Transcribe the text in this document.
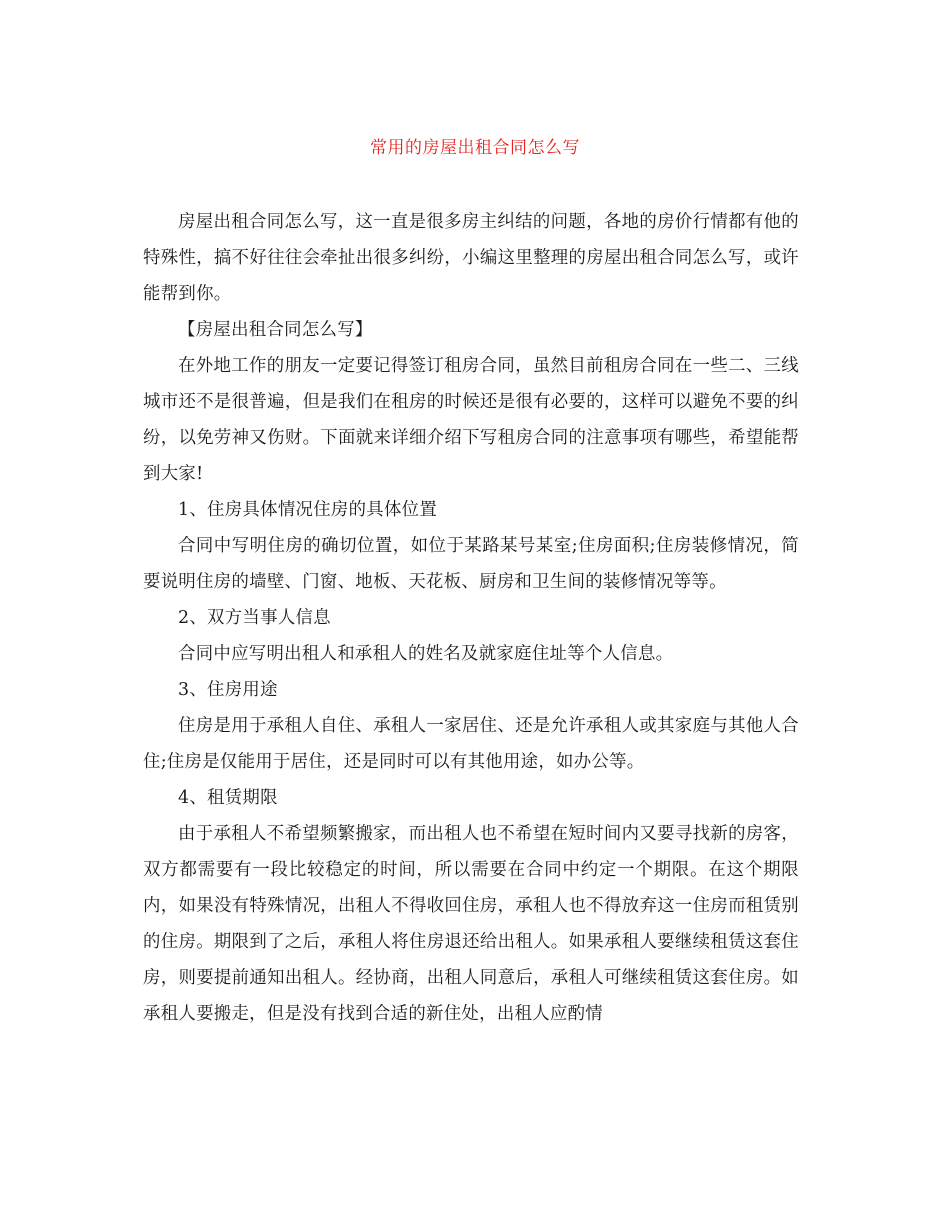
常用的房屋出租合同怎么写

房屋出租合同怎么写，这一直是很多房主纠结的问题，各地的房价行情都有他的特殊性，搞不好往往会牵扯出很多纠纷，小编这里整理的房屋出租合同怎么写，或许能帮到你。

【房屋出租合同怎么写】

在外地工作的朋友一定要记得签订租房合同，虽然目前租房合同在一些二、三线城市还不是很普遍，但是我们在租房的时候还是很有必要的，这样可以避免不要的纠纷，以免劳神又伤财。下面就来详细介绍下写租房合同的注意事项有哪些，希望能帮到大家!

1、住房具体情况住房的具体位置

合同中写明住房的确切位置，如位于某路某号某室;住房面积;住房装修情况，简要说明住房的墙壁、门窗、地板、天花板、厨房和卫生间的装修情况等等。

2、双方当事人信息

合同中应写明出租人和承租人的姓名及就家庭住址等个人信息。

3、住房用途

住房是用于承租人自住、承租人一家居住、还是允许承租人或其家庭与其他人合住;住房是仅能用于居住，还是同时可以有其他用途，如办公等。

4、租赁期限

由于承租人不希望频繁搬家，而出租人也不希望在短时间内又要寻找新的房客，双方都需要有一段比较稳定的时间，所以需要在合同中约定一个期限。在这个期限内，如果没有特殊情况，出租人不得收回住房，承租人也不得放弃这一住房而租赁别的住房。期限到了之后，承租人将住房退还给出租人。如果承租人要继续租赁这套住房，则要提前通知出租人。经协商，出租人同意后，承租人可继续租赁这套住房。如承租人要搬走，但是没有找到合适的新住处，出租人应酌情
